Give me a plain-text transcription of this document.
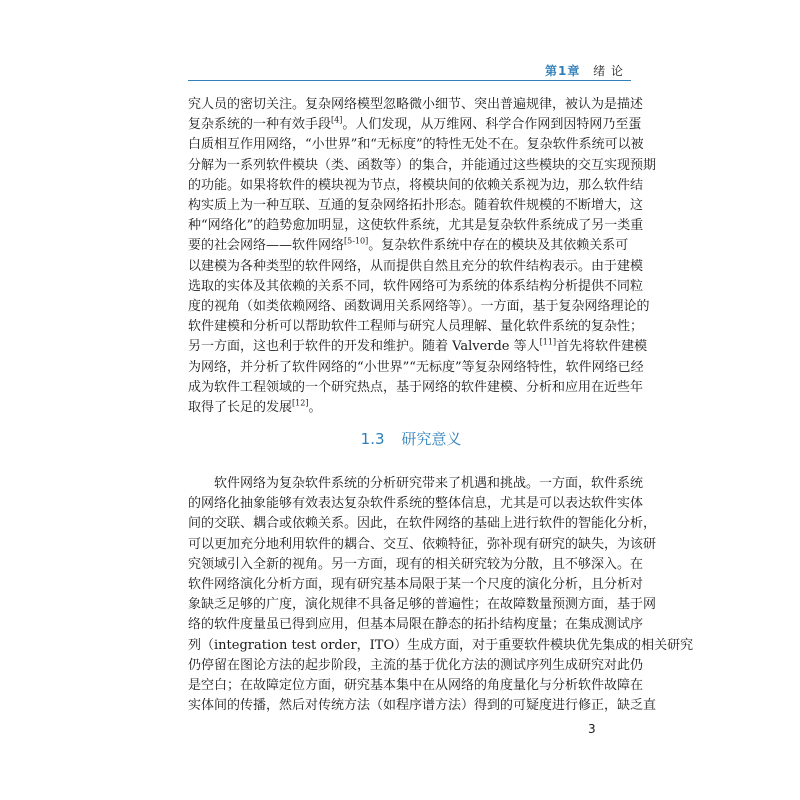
第1章 绪 论
究人员的密切关注。复杂网络模型忽略微小细节、突出普遍规律，被认为是描述
复杂系统的一种有效手段[4]。人们发现，从万维网、科学合作网到因特网乃至蛋
白质相互作用网络，“小世界”和“无标度”的特性无处不在。复杂软件系统可以被
分解为一系列软件模块（类、函数等）的集合，并能通过这些模块的交互实现预期
的功能。如果将软件的模块视为节点，将模块间的依赖关系视为边，那么软件结
构实质上为一种互联、互通的复杂网络拓扑形态。随着软件规模的不断增大，这
种“网络化”的趋势愈加明显，这使软件系统，尤其是复杂软件系统成了另一类重
要的社会网络——软件网络[5-10]。复杂软件系统中存在的模块及其依赖关系可
以建模为各种类型的软件网络，从而提供自然且充分的软件结构表示。由于建模
选取的实体及其依赖的关系不同，软件网络可为系统的体系结构分析提供不同粒
度的视角（如类依赖网络、函数调用关系网络等）。一方面，基于复杂网络理论的
软件建模和分析可以帮助软件工程师与研究人员理解、量化软件系统的复杂性；
另一方面，这也利于软件的开发和维护。随着 Valverde 等人[11]首先将软件建模
为网络，并分析了软件网络的“小世界”“无标度”等复杂网络特性，软件网络已经
成为软件工程领域的一个研究热点，基于网络的软件建模、分析和应用在近些年
取得了长足的发展[12]。
1.3 研究意义
　　软件网络为复杂软件系统的分析研究带来了机遇和挑战。一方面，软件系统
的网络化抽象能够有效表达复杂软件系统的整体信息，尤其是可以表达软件实体
间的交联、耦合或依赖关系。因此，在软件网络的基础上进行软件的智能化分析，
可以更加充分地利用软件的耦合、交互、依赖特征，弥补现有研究的缺失，为该研
究领域引入全新的视角。另一方面，现有的相关研究较为分散，且不够深入。在
软件网络演化分析方面，现有研究基本局限于某一个尺度的演化分析，且分析对
象缺乏足够的广度，演化规律不具备足够的普遍性；在故障数量预测方面，基于网
络的软件度量虽已得到应用，但基本局限在静态的拓扑结构度量；在集成测试序
列（integration test order，ITO）生成方面，对于重要软件模块优先集成的相关研究
仍停留在图论方法的起步阶段，主流的基于优化方法的测试序列生成研究对此仍
是空白；在故障定位方面，研究基本集中在从网络的角度量化与分析软件故障在
实体间的传播，然后对传统方法（如程序谱方法）得到的可疑度进行修正，缺乏直
3
